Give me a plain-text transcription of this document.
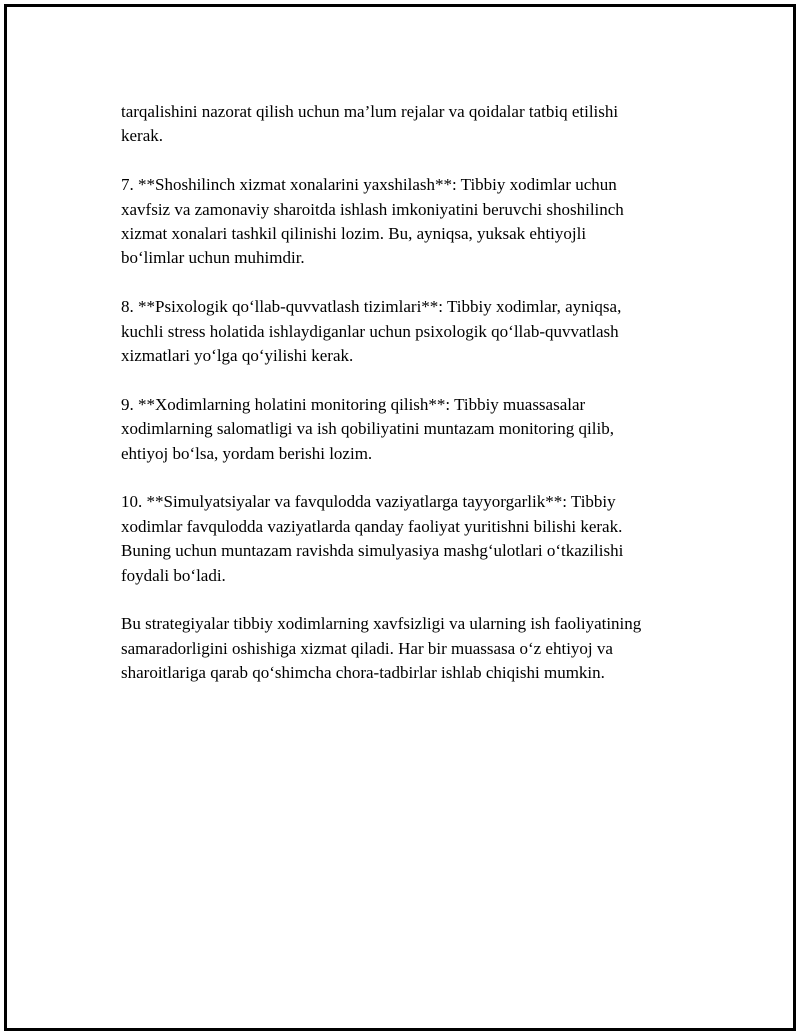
tarqalishini nazorat qilish uchun ma’lum rejalar va qoidalar tatbiq etilishi
kerak.

7. **Shoshilinch xizmat xonalarini yaxshilash**: Tibbiy xodimlar uchun
xavfsiz va zamonaviy sharoitda ishlash imkoniyatini beruvchi shoshilinch
xizmat xonalari tashkil qilinishi lozim. Bu, ayniqsa, yuksak ehtiyojli
bo‘limlar uchun muhimdir.

8. **Psixologik qo‘llab-quvvatlash tizimlari**: Tibbiy xodimlar, ayniqsa,
kuchli stress holatida ishlaydiganlar uchun psixologik qo‘llab-quvvatlash
xizmatlari yo‘lga qo‘yilishi kerak.

9. **Xodimlarning holatini monitoring qilish**: Tibbiy muassasalar
xodimlarning salomatligi va ish qobiliyatini muntazam monitoring qilib,
ehtiyoj bo‘lsa, yordam berishi lozim.

10. **Simulyatsiyalar va favqulodda vaziyatlarga tayyorgarlik**: Tibbiy
xodimlar favqulodda vaziyatlarda qanday faoliyat yuritishni bilishi kerak.
Buning uchun muntazam ravishda simulyasiya mashg‘ulotlari o‘tkazilishi
foydali bo‘ladi.

Bu strategiyalar tibbiy xodimlarning xavfsizligi va ularning ish faoliyatining
samaradorligini oshishiga xizmat qiladi. Har bir muassasa o‘z ehtiyoj va
sharoitlariga qarab qo‘shimcha chora-tadbirlar ishlab chiqishi mumkin.
